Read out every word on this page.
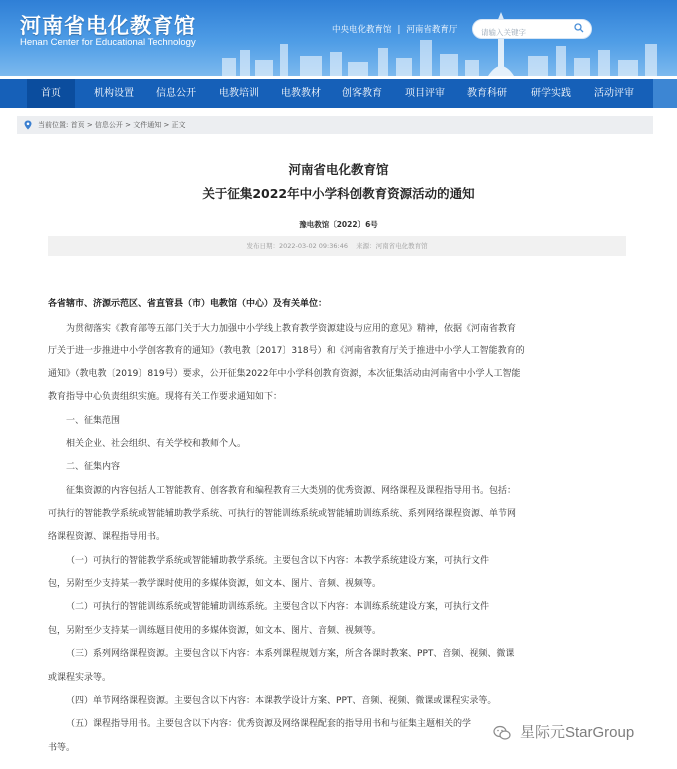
河南省电化教育馆
Henan Center for Educational Technology
中央电化教育馆 | 河南省教育厅
请输入关键字
首页	机构设置	信息公开	电教培训	电教教材	创客教育	项目评审	教育科研	研学实践	活动评审
当前位置: 首页 > 信息公开 > 文件通知 > 正文
河南省电化教育馆
关于征集2022年中小学科创教育资源活动的通知
豫电教馆〔2022〕6号
发布日期：2022-03-02 09:36:46 来源：河南省电化教育馆
各省辖市、济源示范区、省直管县（市）电教馆（中心）及有关单位：
为贯彻落实《教育部等五部门关于大力加强中小学线上教育教学资源建设与应用的意见》精神，依据《河南省教育
厅关于进一步推进中小学创客教育的通知》（教电教〔2017〕318号）和《河南省教育厅关于推进中小学人工智能教育的
通知》（教电教〔2019〕819号）要求，公开征集2022年中小学科创教育资源，本次征集活动由河南省中小学人工智能
教育指导中心负责组织实施。现将有关工作要求通知如下：
一、征集范围
相关企业、社会组织、有关学校和教师个人。
二、征集内容
征集资源的内容包括人工智能教育、创客教育和编程教育三大类别的优秀资源、网络课程及课程指导用书。包括：
可执行的智能教学系统或智能辅助教学系统、可执行的智能训练系统或智能辅助训练系统、系列网络课程资源、单节网
络课程资源、课程指导用书。
（一）可执行的智能教学系统或智能辅助教学系统。主要包含以下内容：本教学系统建设方案，可执行文件
包，另附至少支持某一教学课时使用的多媒体资源，如文本、图片、音频、视频等。
（二）可执行的智能训练系统或智能辅助训练系统。主要包含以下内容：本训练系统建设方案，可执行文件
包，另附至少支持某一训练题目使用的多媒体资源，如文本、图片、音频、视频等。
（三）系列网络课程资源。主要包含以下内容：本系列课程规划方案，所含各课时教案、PPT、音频、视频、微课
或课程实录等。
（四）单节网络课程资源。主要包含以下内容：本课教学设计方案、PPT、音频、视频、微课或课程实录等。
（五）课程指导用书。主要包含以下内容：优秀资源及网络课程配套的指导用书和与征集主题相关的学
书等。
星际元StarGroup
